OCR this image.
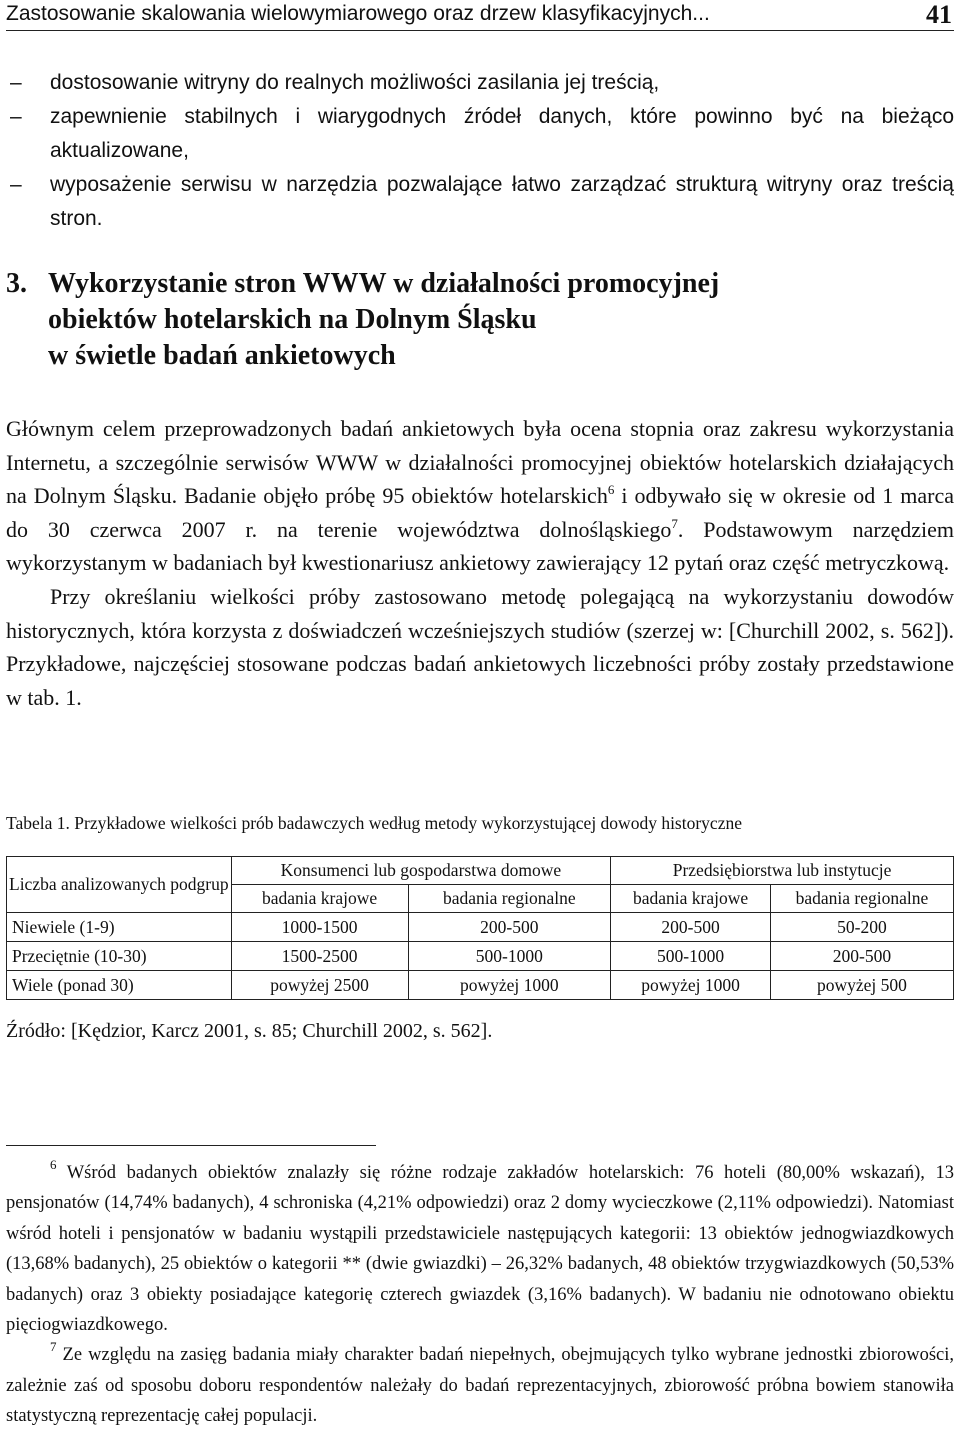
Zastosowanie skalowania wielowymiarowego oraz drzew klasyfikacyjnych...	41
– dostosowanie witryny do realnych możliwości zasilania jej treścią,
– zapewnienie stabilnych i wiarygodnych źródeł danych, które powinno być na bieżąco aktualizowane,
– wyposażenie serwisu w narzędzia pozwalające łatwo zarządzać strukturą witryny oraz treścią stron.
3. Wykorzystanie stron WWW w działalności promocyjnej
obiektów hotelarskich na Dolnym Śląsku
w świetle badań ankietowych

Głównym celem przeprowadzonych badań ankietowych była ocena stopnia oraz zakresu wykorzystania Internetu, a szczególnie serwisów WWW w działalności promocyjnej obiektów hotelarskich działających na Dolnym Śląsku. Badanie objęło próbę 95 obiektów hotelarskich$^6$ i odbywało się w okresie od 1 marca do 30 czerwca 2007 r. na terenie województwa dolnośląskiego$^7$. Podstawowym narzędziem wykorzystanym w badaniach był kwestionariusz ankietowy zawierający 12 pytań oraz część metryczkową.

Przy określaniu wielkości próby zastosowano metodę polegającą na wykorzystaniu dowodów historycznych, która korzysta z doświadczeń wcześniejszych studiów (szerzej w: [Churchill 2002, s. 562]). Przykładowe, najczęściej stosowane podczas badań ankietowych liczebności próby zostały przedstawione w tab. 1.

Tabela 1. Przykładowe wielkości prób badawczych według metody wykorzystującej dowody historyczne
Liczba analizowanych podgrup	Konsumenci lub gospodarstwa domowe		Przedsiębiorstwa lub instytucje	
	badania krajowe	badania regionalne	badania krajowe	badania regionalne
Niewiele (1-9)	1000-1500	200-500	200-500	50-200
Przeciętnie (10-30)	1500-2500	500-1000	500-1000	200-500
Wiele (ponad 30)	powyżej 2500	powyżej 1000	powyżej 1000	powyżej 500
Źródło: [Kędzior, Karcz 2001, s. 85; Churchill 2002, s. 562].

$^6$ Wśród badanych obiektów znalazły się różne rodzaje zakładów hotelarskich: 76 hoteli (80,00% wskazań), 13 pensjonatów (14,74% badanych), 4 schroniska (4,21% odpowiedzi) oraz 2 domy wycieczkowe (2,11% odpowiedzi). Natomiast wśród hoteli i pensjonatów w badaniu wystąpili przedstawiciele następujących kategorii: 13 obiektów jednogwiazdkowych (13,68% badanych), 25 obiektów o kategorii ** (dwie gwiazdki) – 26,32% badanych, 48 obiektów trzygwiazdkowych (50,53% badanych) oraz 3 obiekty posiadające kategorię czterech gwiazdek (3,16% badanych). W badaniu nie odnotowano obiektu pięciogwiazdkowego.

$^7$ Ze względu na zasięg badania miały charakter badań niepełnych, obejmujących tylko wybrane jednostki zbiorowości, zależnie zaś od sposobu doboru respondentów należały do badań reprezentacyjnych, zbiorowość próbna bowiem stanowiła statystyczną reprezentację całej populacji.
